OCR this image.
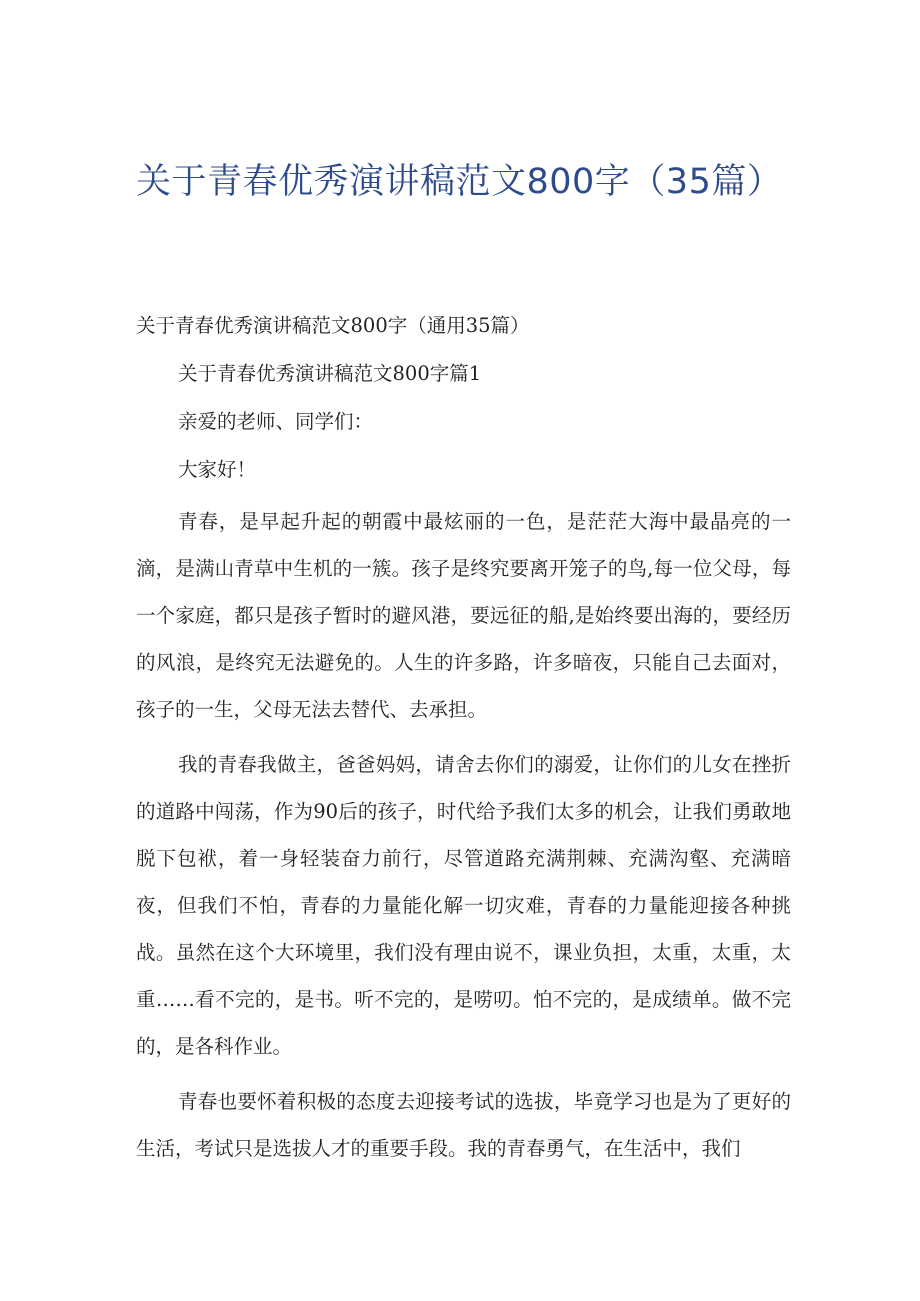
关于青春优秀演讲稿范文800字（35篇）

关于青春优秀演讲稿范文800字（通用35篇）

关于青春优秀演讲稿范文800字篇1

亲爱的老师、同学们：

大家好！

青春，是早起升起的朝霞中最炫丽的一色，是茫茫大海中最晶亮的一滴，是满山青草中生机的一簇。孩子是终究要离开笼子的鸟,每一位父母，每一个家庭，都只是孩子暂时的避风港，要远征的船,是始终要出海的，要经历的风浪，是终究无法避免的。人生的许多路，许多暗夜，只能自己去面对，孩子的一生，父母无法去替代、去承担。

我的青春我做主，爸爸妈妈，请舍去你们的溺爱，让你们的儿女在挫折的道路中闯荡，作为90后的孩子，时代给予我们太多的机会，让我们勇敢地脱下包袱，着一身轻装奋力前行，尽管道路充满荆棘、充满沟壑、充满暗夜，但我们不怕，青春的力量能化解一切灾难，青春的力量能迎接各种挑战。虽然在这个大环境里，我们没有理由说不，课业负担，太重，太重，太重……看不完的，是书。听不完的，是唠叨。怕不完的，是成绩单。做不完的，是各科作业。

青春也要怀着积极的态度去迎接考试的选拔，毕竟学习也是为了更好的生活，考试只是选拔人才的重要手段。我的青春勇气，在生活中，我们
